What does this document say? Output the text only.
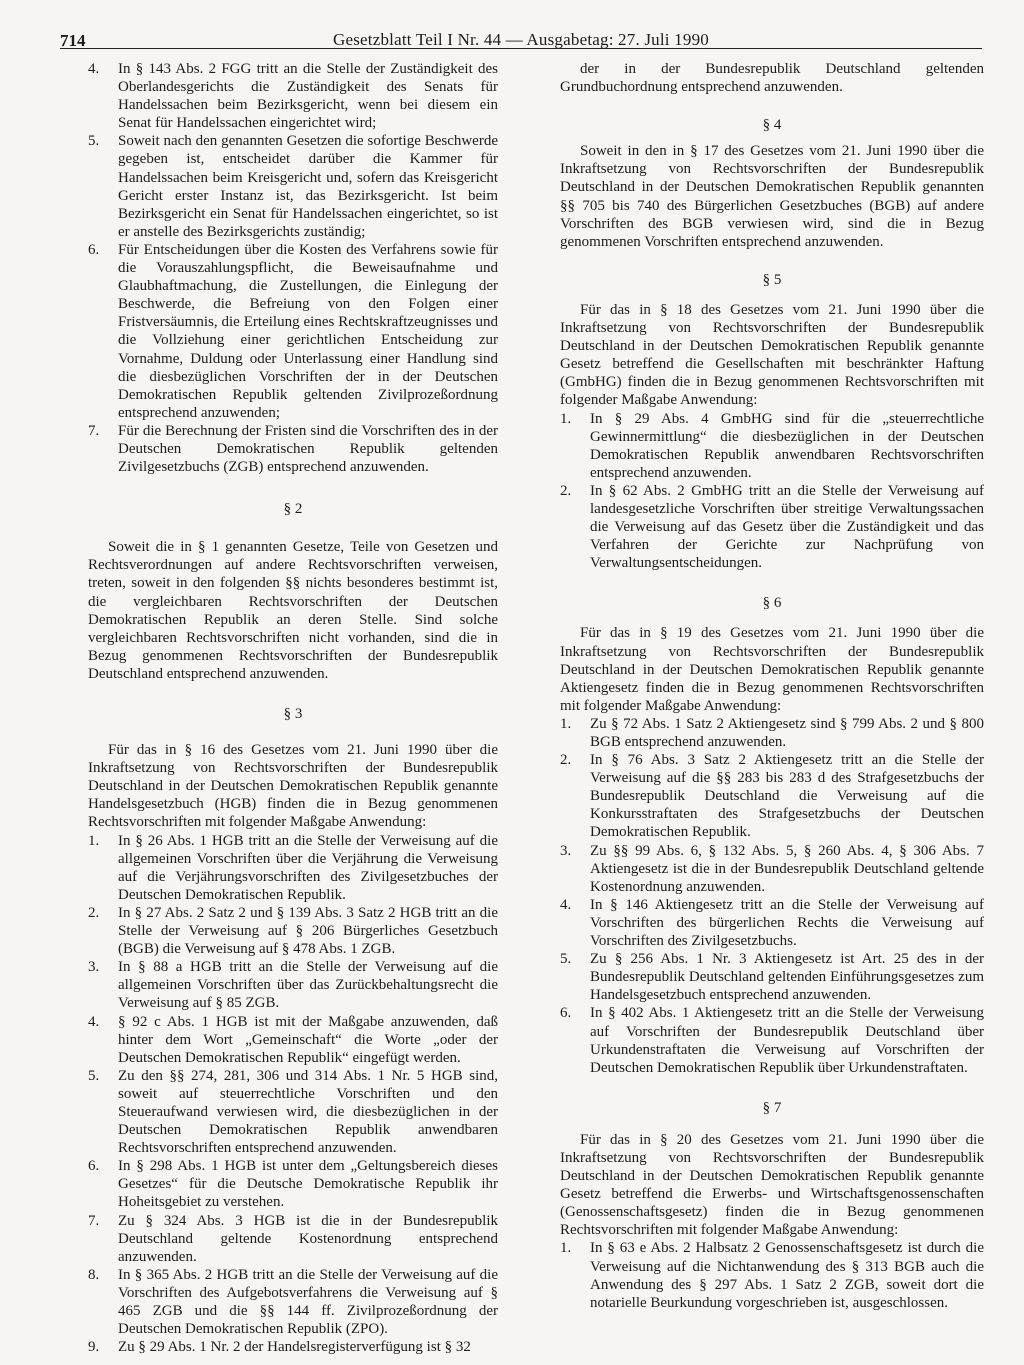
714	Gesetzblatt Teil I Nr. 44 — Ausgabetag: 27. Juli 1990
4.	In § 143 Abs. 2 FGG tritt an die Stelle der Zuständigkeit des Oberlandesgerichts die Zuständigkeit des Senats für Handelssachen beim Bezirksgericht, wenn bei diesem ein Senat für Handelssachen eingerichtet wird;
5.	Soweit nach den genannten Gesetzen die sofortige Beschwerde gegeben ist, entscheidet darüber die Kammer für Handelssachen beim Kreisgericht und, sofern das Kreisgericht Gericht erster Instanz ist, das Bezirksgericht. Ist beim Bezirksgericht ein Senat für Handelssachen eingerichtet, so ist er anstelle des Bezirksgerichts zuständig;
6.	Für Entscheidungen über die Kosten des Verfahrens sowie für die Vorauszahlungspflicht, die Beweisaufnahme und Glaubhaftmachung, die Zustellungen, die Einlegung der Beschwerde, die Befreiung von den Folgen einer Fristversäumnis, die Erteilung eines Rechtskraftzeugnisses und die Vollziehung einer gerichtlichen Entscheidung zur Vornahme, Duldung oder Unterlassung einer Handlung sind die diesbezüglichen Vorschriften der in der Deutschen Demokratischen Republik geltenden Zivilprozeßordnung entsprechend anzuwenden;
7.	Für die Berechnung der Fristen sind die Vorschriften des in der Deutschen Demokratischen Republik geltenden Zivilgesetzbuchs (ZGB) entsprechend anzuwenden.

§ 2

Soweit die in § 1 genannten Gesetze, Teile von Gesetzen und Rechtsverordnungen auf andere Rechtsvorschriften verweisen, treten, soweit in den folgenden §§ nichts besonderes bestimmt ist, die vergleichbaren Rechtsvorschriften der Deutschen Demokratischen Republik an deren Stelle. Sind solche vergleichbaren Rechtsvorschriften nicht vorhanden, sind die in Bezug genommenen Rechtsvorschriften der Bundesrepublik Deutschland entsprechend anzuwenden.

§ 3

Für das in § 16 des Gesetzes vom 21. Juni 1990 über die Inkraftsetzung von Rechtsvorschriften der Bundesrepublik Deutschland in der Deutschen Demokratischen Republik genannte Handelsgesetzbuch (HGB) finden die in Bezug genommenen Rechtsvorschriften mit folgender Maßgabe Anwendung:

1.	In § 26 Abs. 1 HGB tritt an die Stelle der Verweisung auf die allgemeinen Vorschriften über die Verjährung die Verweisung auf die Verjährungsvorschriften des Zivilgesetzbuches der Deutschen Demokratischen Republik.
2.	In § 27 Abs. 2 Satz 2 und § 139 Abs. 3 Satz 2 HGB tritt an die Stelle der Verweisung auf § 206 Bürgerliches Gesetzbuch (BGB) die Verweisung auf § 478 Abs. 1 ZGB.
3.	In § 88 a HGB tritt an die Stelle der Verweisung auf die allgemeinen Vorschriften über das Zurückbehaltungsrecht die Verweisung auf § 85 ZGB.
4.	§ 92 c Abs. 1 HGB ist mit der Maßgabe anzuwenden, daß hinter dem Wort „Gemeinschaft“ die Worte „oder der Deutschen Demokratischen Republik“ eingefügt werden.
5.	Zu den §§ 274, 281, 306 und 314 Abs. 1 Nr. 5 HGB sind, soweit auf steuerrechtliche Vorschriften und den Steueraufwand verwiesen wird, die diesbezüglichen in der Deutschen Demokratischen Republik anwendbaren Rechtsvorschriften entsprechend anzuwenden.
6.	In § 298 Abs. 1 HGB ist unter dem „Geltungsbereich dieses Gesetzes“ für die Deutsche Demokratische Republik ihr Hoheitsgebiet zu verstehen.
7.	Zu § 324 Abs. 3 HGB ist die in der Bundesrepublik Deutschland geltende Kostenordnung entsprechend anzuwenden.
8.	In § 365 Abs. 2 HGB tritt an die Stelle der Verweisung auf die Vorschriften des Aufgebotsverfahrens die Verweisung auf § 465 ZGB und die §§ 144 ff. Zivilprozeßordnung der Deutschen Demokratischen Republik (ZPO).
9.	Zu § 29 Abs. 1 Nr. 2 der Handelsregisterverfügung ist § 32

der in der Bundesrepublik Deutschland geltenden Grundbuchordnung entsprechend anzuwenden.

§ 4

Soweit in den in § 17 des Gesetzes vom 21. Juni 1990 über die Inkraftsetzung von Rechtsvorschriften der Bundesrepublik Deutschland in der Deutschen Demokratischen Republik genannten §§ 705 bis 740 des Bürgerlichen Gesetzbuches (BGB) auf andere Vorschriften des BGB verwiesen wird, sind die in Bezug genommenen Vorschriften entsprechend anzuwenden.

§ 5

Für das in § 18 des Gesetzes vom 21. Juni 1990 über die Inkraftsetzung von Rechtsvorschriften der Bundesrepublik Deutschland in der Deutschen Demokratischen Republik genannte Gesetz betreffend die Gesellschaften mit beschränkter Haftung (GmbHG) finden die in Bezug genommenen Rechtsvorschriften mit folgender Maßgabe Anwendung:

1.	In § 29 Abs. 4 GmbHG sind für die „steuerrechtliche Gewinnermittlung“ die diesbezüglichen in der Deutschen Demokratischen Republik anwendbaren Rechtsvorschriften entsprechend anzuwenden.
2.	In § 62 Abs. 2 GmbHG tritt an die Stelle der Verweisung auf landesgesetzliche Vorschriften über streitige Verwaltungssachen die Verweisung auf das Gesetz über die Zuständigkeit und das Verfahren der Gerichte zur Nachprüfung von Verwaltungsentscheidungen.

§ 6

Für das in § 19 des Gesetzes vom 21. Juni 1990 über die Inkraftsetzung von Rechtsvorschriften der Bundesrepublik Deutschland in der Deutschen Demokratischen Republik genannte Aktiengesetz finden die in Bezug genommenen Rechtsvorschriften mit folgender Maßgabe Anwendung:

1.	Zu § 72 Abs. 1 Satz 2 Aktiengesetz sind § 799 Abs. 2 und § 800 BGB entsprechend anzuwenden.
2.	In § 76 Abs. 3 Satz 2 Aktiengesetz tritt an die Stelle der Verweisung auf die §§ 283 bis 283 d des Strafgesetzbuchs der Bundesrepublik Deutschland die Verweisung auf die Konkursstraftaten des Strafgesetzbuchs der Deutschen Demokratischen Republik.
3.	Zu §§ 99 Abs. 6, § 132 Abs. 5, § 260 Abs. 4, § 306 Abs. 7 Aktiengesetz ist die in der Bundesrepublik Deutschland geltende Kostenordnung anzuwenden.
4.	In § 146 Aktiengesetz tritt an die Stelle der Verweisung auf Vorschriften des bürgerlichen Rechts die Verweisung auf Vorschriften des Zivilgesetzbuchs.
5.	Zu § 256 Abs. 1 Nr. 3 Aktiengesetz ist Art. 25 des in der Bundesrepublik Deutschland geltenden Einführungsgesetzes zum Handelsgesetzbuch entsprechend anzuwenden.
6.	In § 402 Abs. 1 Aktiengesetz tritt an die Stelle der Verweisung auf Vorschriften der Bundesrepublik Deutschland über Urkundenstraftaten die Verweisung auf Vorschriften der Deutschen Demokratischen Republik über Urkundenstraftaten.

§ 7

Für das in § 20 des Gesetzes vom 21. Juni 1990 über die Inkraftsetzung von Rechtsvorschriften der Bundesrepublik Deutschland in der Deutschen Demokratischen Republik genannte Gesetz betreffend die Erwerbs- und Wirtschaftsgenossenschaften (Genossenschaftsgesetz) finden die in Bezug genommenen Rechtsvorschriften mit folgender Maßgabe Anwendung:

1.	In § 63 e Abs. 2 Halbsatz 2 Genossenschaftsgesetz ist durch die Verweisung auf die Nichtanwendung des § 313 BGB auch die Anwendung des § 297 Abs. 1 Satz 2 ZGB, soweit dort die notarielle Beurkundung vorgeschrieben ist, ausgeschlossen.
